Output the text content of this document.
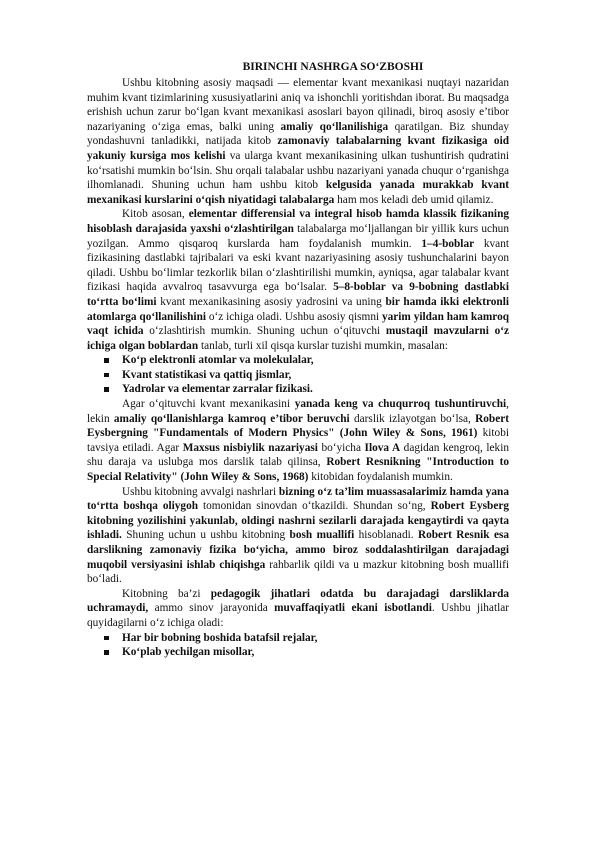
BIRINCHI NASHRGA SO‘ZBOSHI

Ushbu kitobning asosiy maqsadi — elementar kvant mexanikasi nuqtayi nazaridan muhim kvant tizimlarining xususiyatlarini aniq va ishonchli yoritishdan iborat. Bu maqsadga erishish uchun zarur bo‘lgan kvant mexanikasi asoslari bayon qilinadi, biroq asosiy e’tibor nazariyaning o‘ziga emas, balki uning amaliy qo‘llanilishiga qaratilgan. Biz shunday yondashuvni tanladikki, natijada kitob zamonaviy talabalarning kvant fizikasiga oid yakuniy kursiga mos kelishi va ularga kvant mexanikasining ulkan tushuntirish qudratini ko‘rsatishi mumkin bo‘lsin. Shu orqali talabalar ushbu nazariyani yanada chuqur o‘rganishga ilhomlanadi. Shuning uchun ham ushbu kitob kelgusida yanada murakkab kvant mexanikasi kurslarini o‘qish niyatidagi talabalarga ham mos keladi deb umid qilamiz.

Kitob asosan, elementar differensial va integral hisob hamda klassik fizikaning hisoblash darajasida yaxshi o‘zlashtirilgan talabalarga mo‘ljallangan bir yillik kurs uchun yozilgan. Ammo qisqaroq kurslarda ham foydalanish mumkin. 1–4-boblar kvant fizikasining dastlabki tajribalari va eski kvant nazariyasining asosiy tushunchalarini bayon qiladi. Ushbu bo‘limlar tezkorlik bilan o‘zlashtirilishi mumkin, ayniqsa, agar talabalar kvant fizikasi haqida avvalroq tasavvurga ega bo‘lsalar. 5–8-boblar va 9-bobning dastlabki to‘rtta bo‘limi kvant mexanikasining asosiy yadrosini va uning bir hamda ikki elektronli atomlarga qo‘llanilishini o‘z ichiga oladi. Ushbu asosiy qismni yarim yildan ham kamroq vaqt ichida o‘zlashtirish mumkin. Shuning uchun o‘qituvchi mustaqil mavzularni o‘z ichiga olgan boblardan tanlab, turli xil qisqa kurslar tuzishi mumkin, masalan:

Ko‘p elektronli atomlar va molekulalar,
Kvant statistikasi va qattiq jismlar,
Yadrolar va elementar zarralar fizikasi.

Agar o‘qituvchi kvant mexanikasini yanada keng va chuqurroq tushuntiruvchi, lekin amaliy qo‘llanishlarga kamroq e’tibor beruvchi darslik izlayotgan bo‘lsa, Robert Eysbergning "Fundamentals of Modern Physics" (John Wiley & Sons, 1961) kitobi tavsiya etiladi. Agar Maxsus nisbiylik nazariyasi bo‘yicha Ilova A dagidan kengroq, lekin shu daraja va uslubga mos darslik talab qilinsa, Robert Resnikning "Introduction to Special Relativity" (John Wiley & Sons, 1968) kitobidan foydalanish mumkin.

Ushbu kitobning avvalgi nashrlari bizning o‘z ta’lim muassasalarimiz hamda yana to‘rtta boshqa oliygoh tomonidan sinovdan o‘tkazildi. Shundan so‘ng, Robert Eysberg kitobning yozilishini yakunlab, oldingi nashrni sezilarli darajada kengaytirdi va qayta ishladi. Shuning uchun u ushbu kitobning bosh muallifi hisoblanadi. Robert Resnik esa darslikning zamonaviy fizika bo‘yicha, ammo biroz soddalashtirilgan darajadagi muqobil versiyasini ishlab chiqishga rahbarlik qildi va u mazkur kitobning bosh muallifi bo‘ladi.

Kitobning ba’zi pedagogik jihatlari odatda bu darajadagi darsliklarda uchramaydi, ammo sinov jarayonida muvaffaqiyatli ekani isbotlandi. Ushbu jihatlar quyidagilarni o‘z ichiga oladi:

Har bir bobning boshida batafsil rejalar,
Ko‘plab yechilgan misollar,
